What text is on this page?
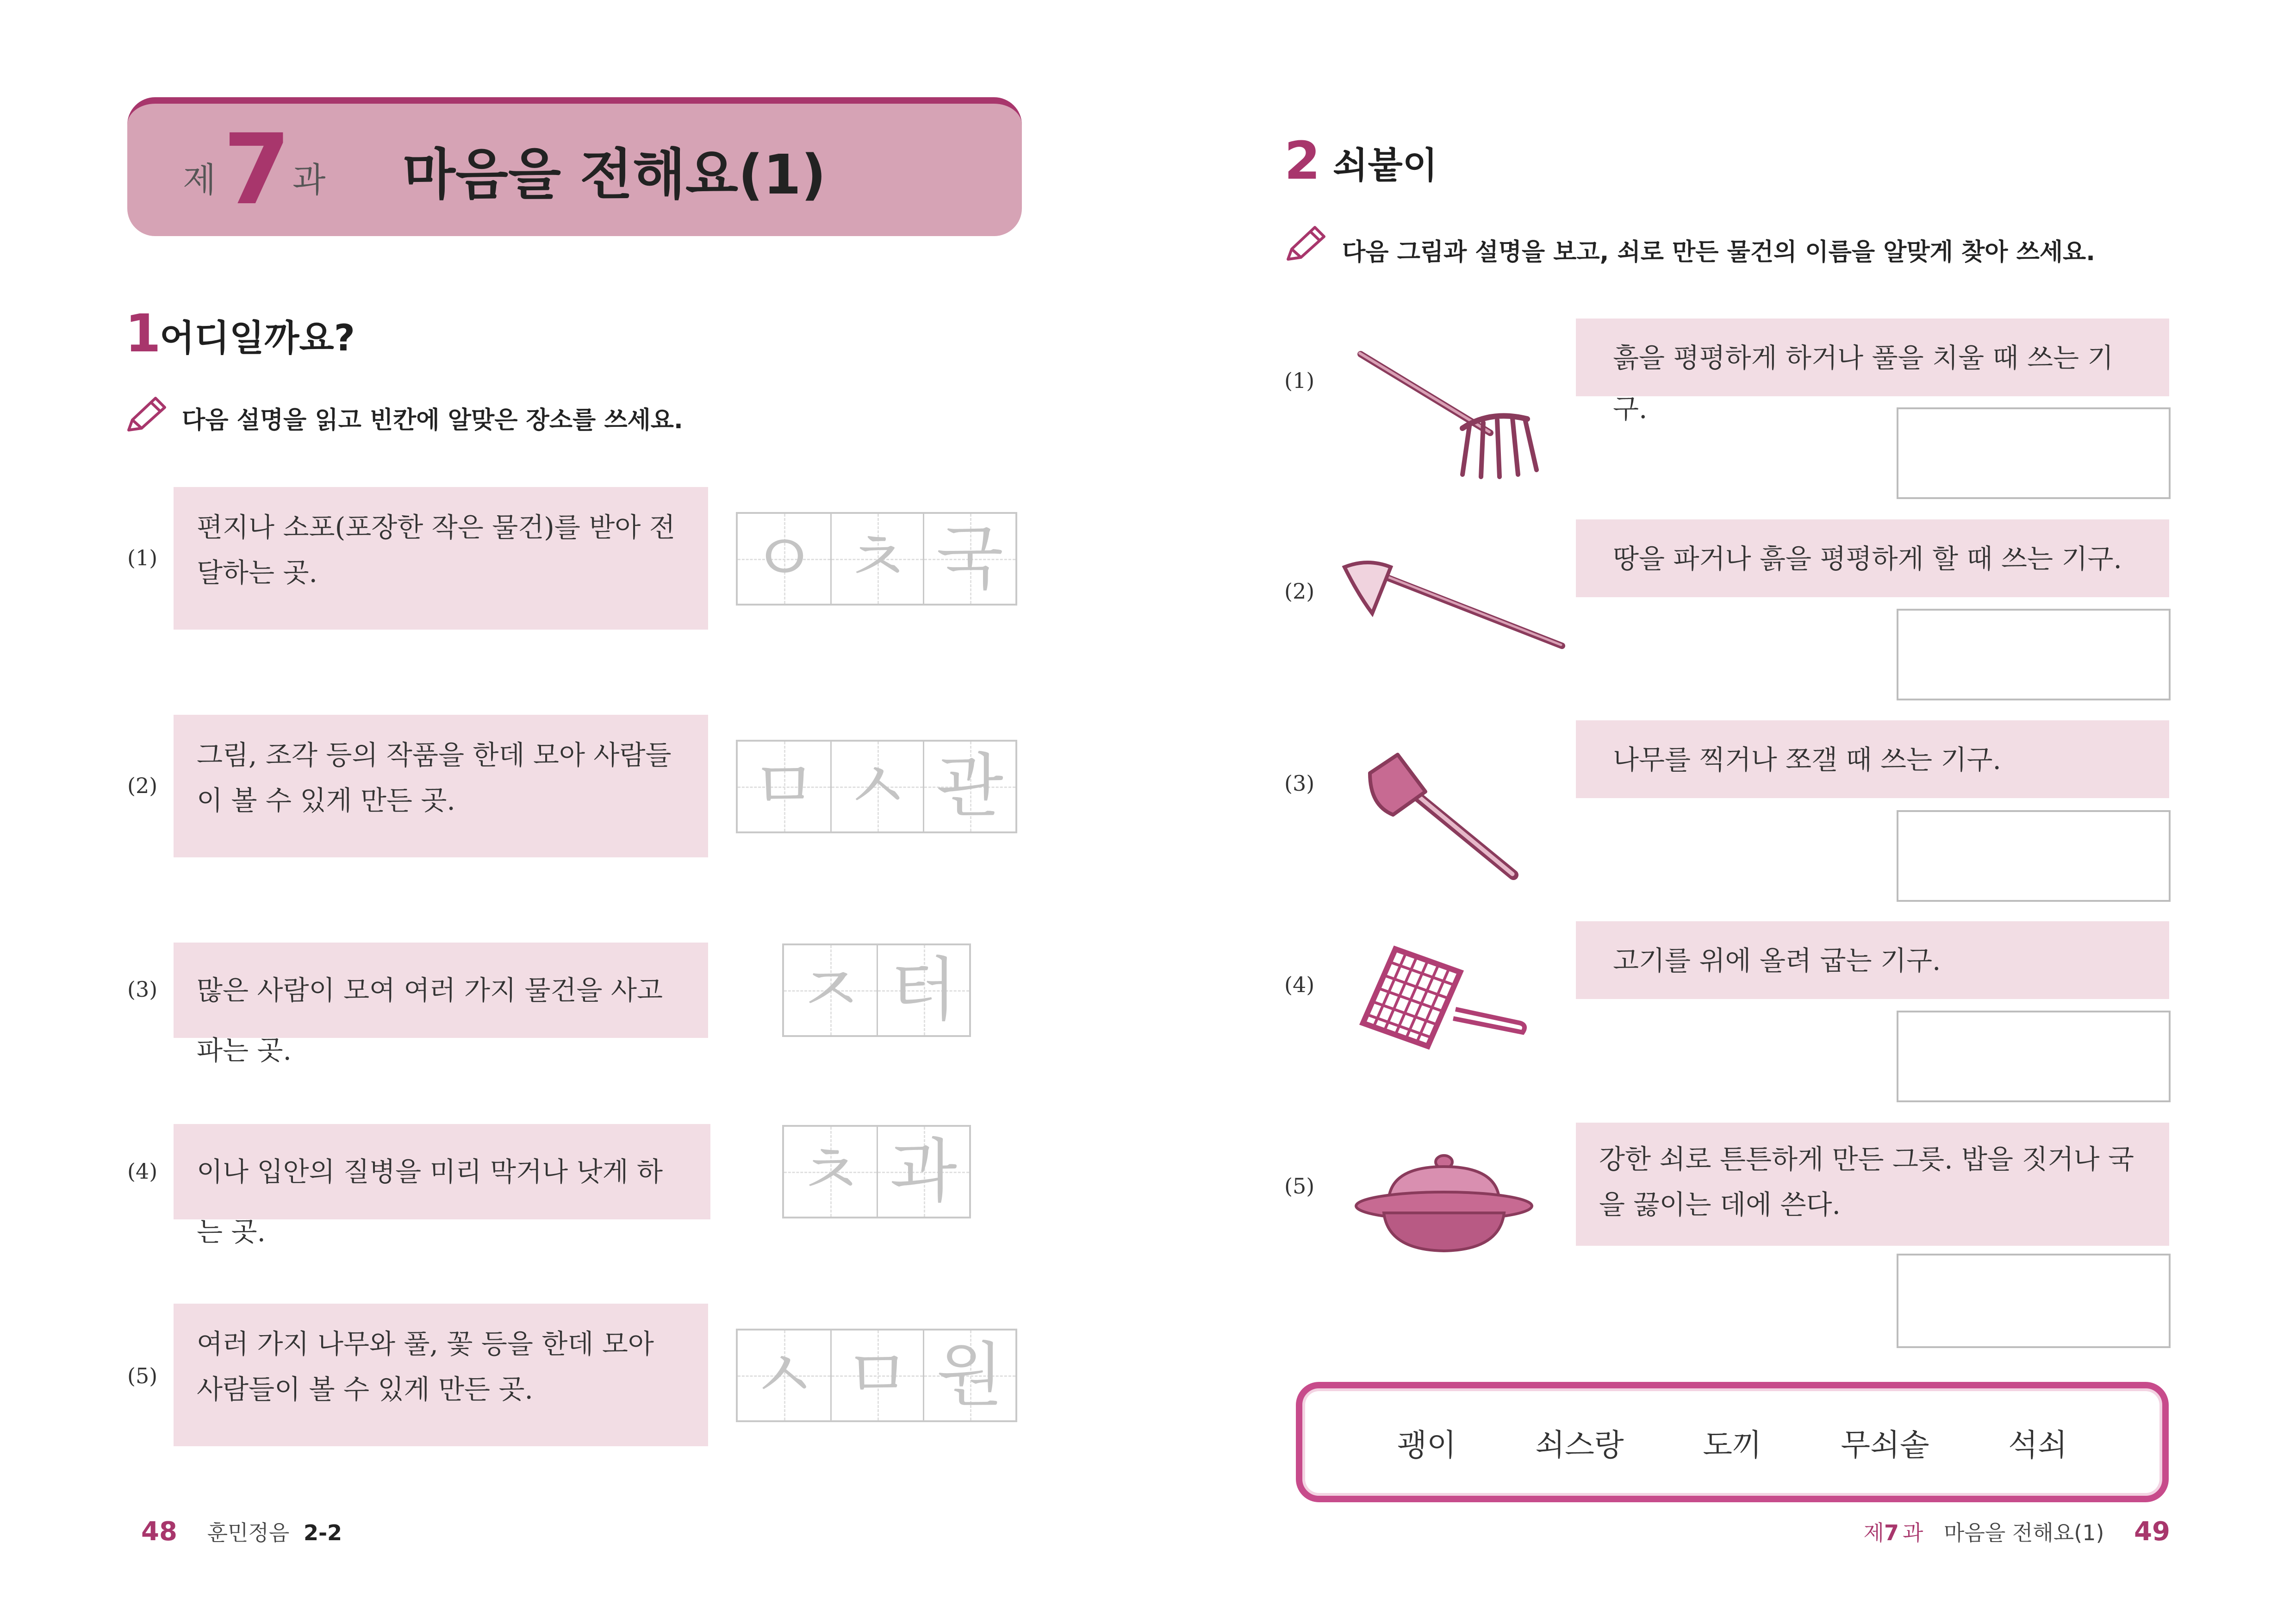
제 7 과 마음을 전해요(1)
1
어디일까요?
다음 설명을 읽고 빈칸에 알맞은 장소를 쓰세요.
(1)
편지나 소포(포장한 작은 물건)를 받아 전달하는 곳.	ㅇ ㅊ 국
(2)
그림, 조각 등의 작품을 한데 모아 사람들이 볼 수 있게 만든 곳.	ㅁ ㅅ 관
(3)	많은 사람이 모여 여러 가지 물건을 사고파는 곳.
ㅈ 터
(4)	이나 입안의 질병을 미리 막거나 낫게 하는 곳.
ㅊ 과
(5)
여러 가지 나무와 풀, 꽃 등을 한데 모아 사람들이 볼 수 있게 만든 곳.	ㅅ ㅁ 원
48 훈민정음 2-2
2 쇠붙이
다음 그림과 설명을 보고, 쇠로 만든 물건의 이름을 알맞게 찾아 쓰세요.
(1)
흙을 평평하게 하거나 풀을 치울 때 쓰는 기구.
(2)
땅을 파거나 흙을 평평하게 할 때 쓰는 기구.
(3)
나무를 찍거나 쪼갤 때 쓰는 기구.
(4)
고기를 위에 올려 굽는 기구.
(5)
강한 쇠로 튼튼하게 만든 그릇. 밥을 짓거나 국을 끓이는 데에 쓴다.
괭이	쇠스랑	도끼	무쇠솥	석쇠
제7 과 마음을 전해요(1) 49
